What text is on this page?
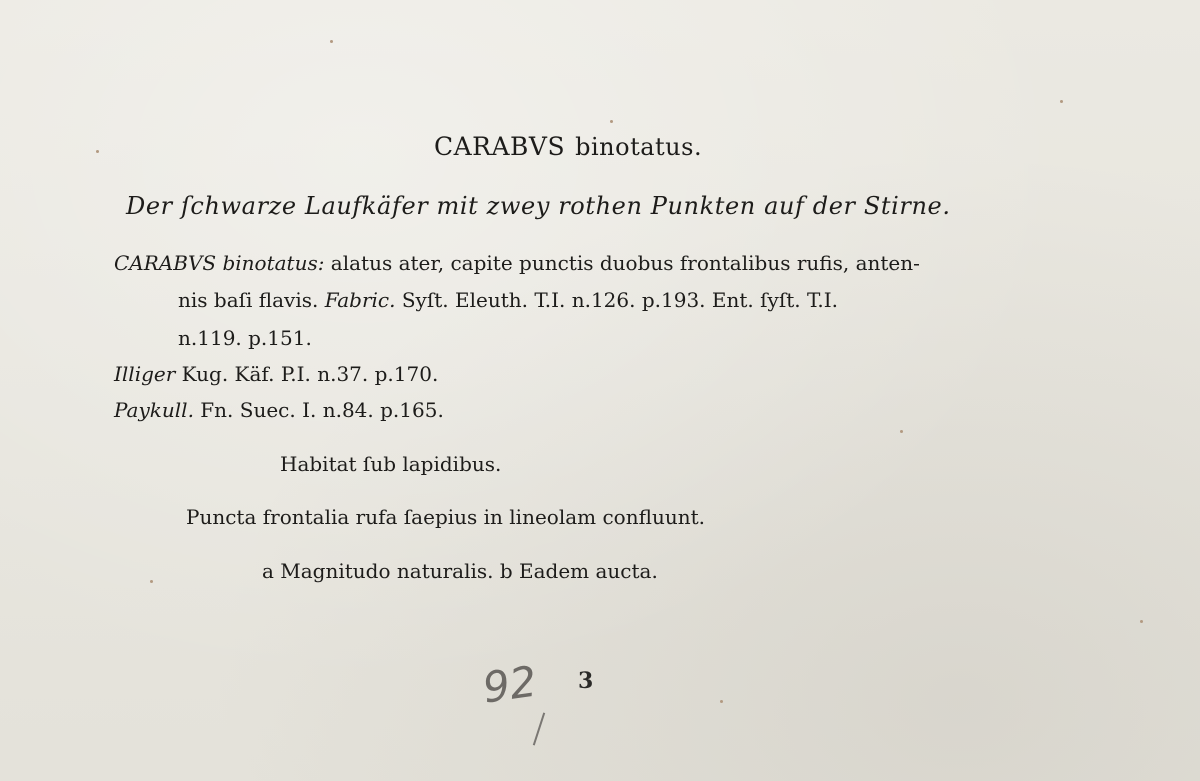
CARABVS binotatus.
Der ſchwarze Laufkäfer mit zwey rothen Punkten auf der Stirne.
CARABVS binotatus: alatus ater, capite punctis duobus frontalibus rufis, anten-
nis baſi flavis. Fabric. Syſt. Eleuth. T.I. n.126. p.193. Ent. ſyſt. T.I.
n.119. p.151.
Illiger Kug. Käf. P.I. n.37. p.170.
Paykull. Fn. Suec. I. n.84. p.165.
Habitat ſub lapidibus.
Puncta frontalia rufa ſaepius in lineolam confluunt.
a Magnitudo naturalis. b Eadem aucta.
92 3
